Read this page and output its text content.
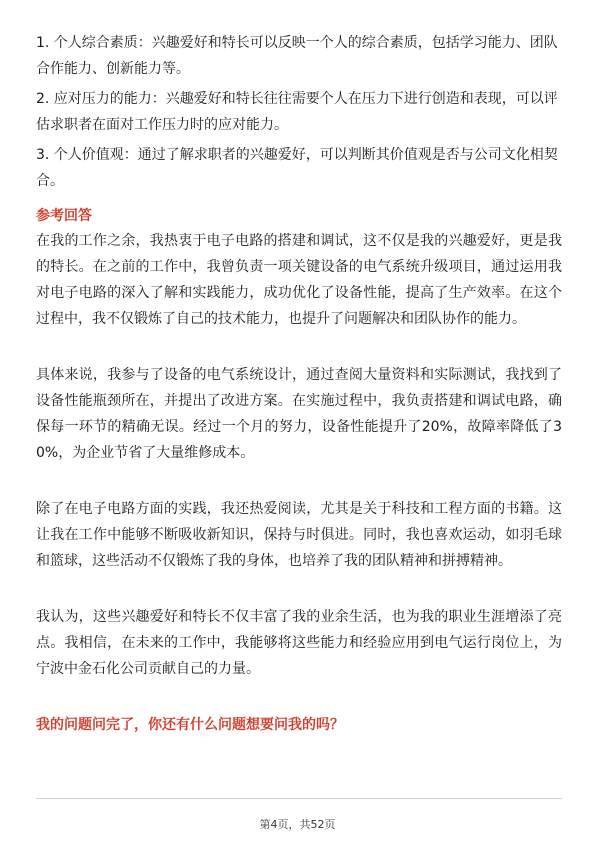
1. 个人综合素质：兴趣爱好和特长可以反映一个人的综合素质，包括学习能力、团队合作能力、创新能力等。

2. 应对压力的能力：兴趣爱好和特长往往需要个人在压力下进行创造和表现，可以评估求职者在面对工作压力时的应对能力。

3. 个人价值观：通过了解求职者的兴趣爱好，可以判断其价值观是否与公司文化相契合。

参考回答

在我的工作之余，我热衷于电子电路的搭建和调试，这不仅是我的兴趣爱好，更是我的特长。在之前的工作中，我曾负责一项关键设备的电气系统升级项目，通过运用我对电子电路的深入了解和实践能力，成功优化了设备性能，提高了生产效率。在这个过程中，我不仅锻炼了自己的技术能力，也提升了问题解决和团队协作的能力。

具体来说，我参与了设备的电气系统设计，通过查阅大量资料和实际测试，我找到了设备性能瓶颈所在，并提出了改进方案。在实施过程中，我负责搭建和调试电路，确保每一环节的精确无误。经过一个月的努力，设备性能提升了20%，故障率降低了30%，为企业节省了大量维修成本。

除了在电子电路方面的实践，我还热爱阅读，尤其是关于科技和工程方面的书籍。这让我在工作中能够不断吸收新知识，保持与时俱进。同时，我也喜欢运动，如羽毛球和篮球，这些活动不仅锻炼了我的身体，也培养了我的团队精神和拼搏精神。

我认为，这些兴趣爱好和特长不仅丰富了我的业余生活，也为我的职业生涯增添了亮点。我相信，在未来的工作中，我能够将这些能力和经验应用到电气运行岗位上，为宁波中金石化公司贡献自己的力量。

我的问题问完了，你还有什么问题想要问我的吗？

第4页，共52页
